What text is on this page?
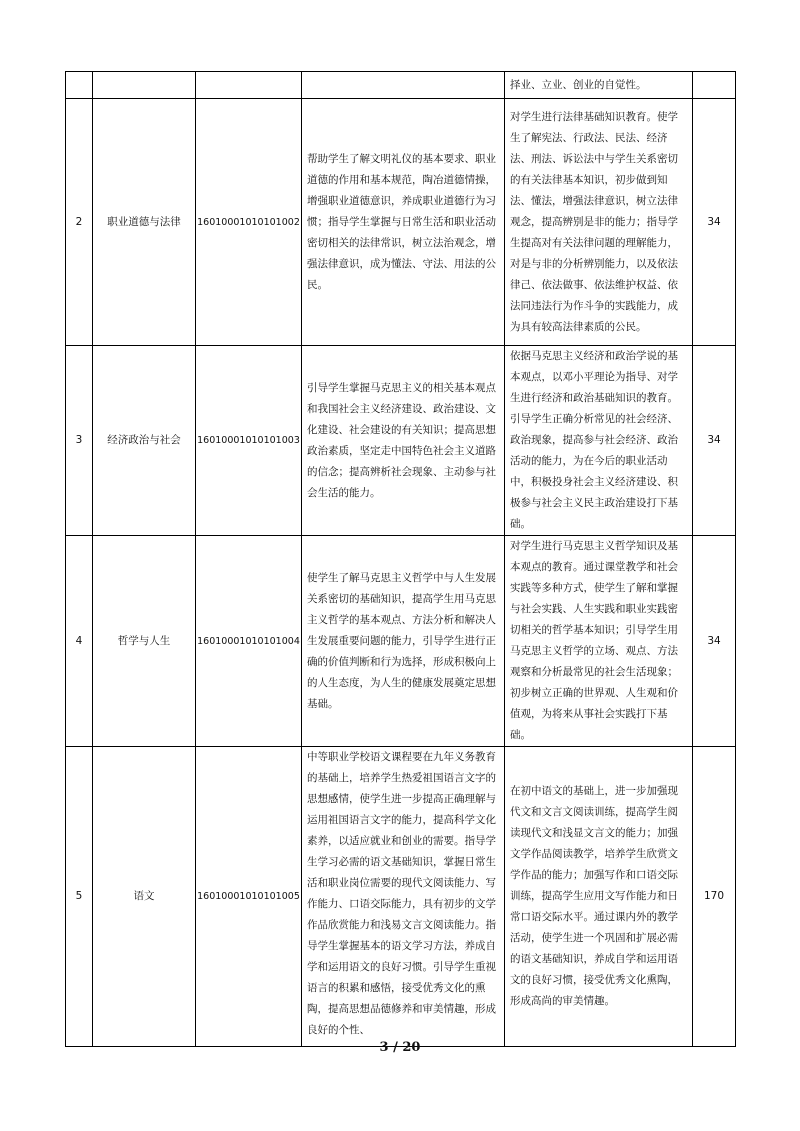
				择业、立业、创业的自觉性。	
2	职业道德与法律	16010001010101002	帮助学生了解文明礼仪的基本要求、职业道德的作用和基本规范，陶冶道德情操，增强职业道德意识，养成职业道德行为习惯；指导学生掌握与日常生活和职业活动密切相关的法律常识，树立法治观念，增强法律意识，成为懂法、守法、用法的公民。	对学生进行法律基础知识教育。使学生了解宪法、行政法、民法、经济法、刑法、诉讼法中与学生关系密切的有关法律基本知识，初步做到知法、懂法，增强法律意识，树立法律观念，提高辨别是非的能力；指导学生提高对有关法律问题的理解能力，对是与非的分析辨别能力，以及依法律己、依法做事、依法维护权益、依法同违法行为作斗争的实践能力，成为具有较高法律素质的公民。	34
3	经济政治与社会	16010001010101003	引导学生掌握马克思主义的相关基本观点和我国社会主义经济建设、政治建设、文化建设、社会建设的有关知识；提高思想政治素质，坚定走中国特色社会主义道路的信念；提高辨析社会现象、主动参与社会生活的能力。	依据马克思主义经济和政治学说的基本观点，以邓小平理论为指导、对学生进行经济和政治基础知识的教育。引导学生正确分析常见的社会经济、政治现象，提高参与社会经济、政治活动的能力，为在今后的职业活动中，积极投身社会主义经济建设、积极参与社会主义民主政治建设打下基础。	34
4	哲学与人生	16010001010101004	使学生了解马克思主义哲学中与人生发展关系密切的基础知识，提高学生用马克思主义哲学的基本观点、方法分析和解决人生发展重要问题的能力，引导学生进行正确的价值判断和行为选择，形成积极向上的人生态度，为人生的健康发展奠定思想基础。	对学生进行马克思主义哲学知识及基本观点的教育。通过课堂教学和社会实践等多种方式，使学生了解和掌握与社会实践、人生实践和职业实践密切相关的哲学基本知识；引导学生用马克思主义哲学的立场、观点、方法观察和分析最常见的社会生活现象；初步树立正确的世界观、人生观和价值观，为将来从事社会实践打下基础。	34
5	语文	16010001010101005	中等职业学校语文课程要在九年义务教育的基础上，培养学生热爱祖国语言文字的思想感情，使学生进一步提高正确理解与运用祖国语言文字的能力，提高科学文化素养，以适应就业和创业的需要。指导学生学习必需的语文基础知识，掌握日常生活和职业岗位需要的现代文阅读能力、写作能力、口语交际能力，具有初步的文学作品欣赏能力和浅易文言文阅读能力。指导学生掌握基本的语文学习方法，养成自学和运用语文的良好习惯。引导学生重视语言的积累和感悟，接受优秀文化的熏陶，提高思想品德修养和审美情趣，形成良好的个性、	在初中语文的基础上，进一步加强现代文和文言文阅读训练，提高学生阅读现代文和浅显文言文的能力；加强文学作品阅读教学，培养学生欣赏文学作品的能力；加强写作和口语交际训练，提高学生应用文写作能力和日常口语交际水平。通过课内外的教学活动，使学生进一个巩固和扩展必需的语文基础知识，养成自学和运用语文的良好习惯，接受优秀文化熏陶，形成高尚的审美情趣。	170
3 / 20
